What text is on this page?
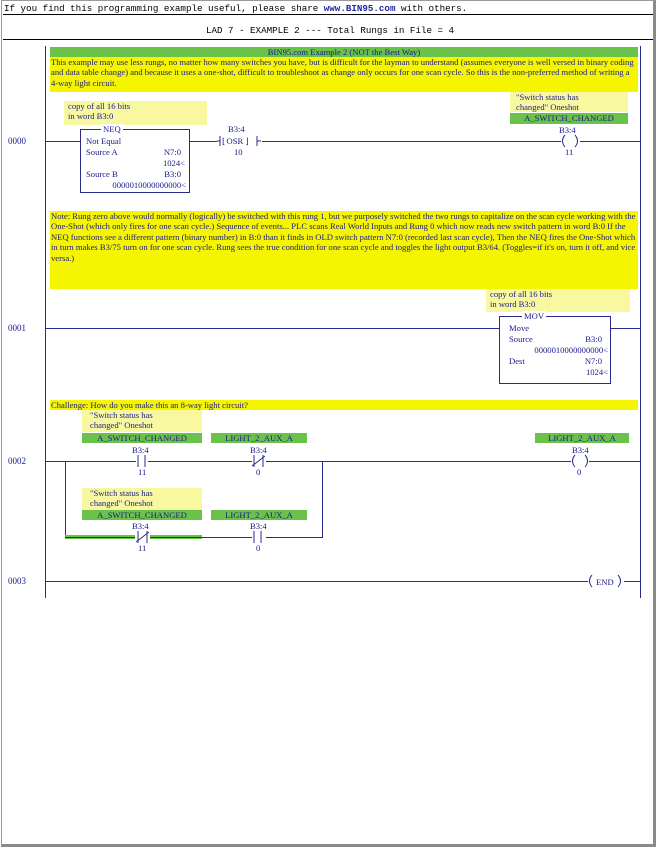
If you find this programming example useful, please share www.BIN95.com with others.
LAD 7 - EXAMPLE 2 --- Total Rungs in File = 4
BIN95.com Example 2 (NOT the Best Way)
This example may use less rungs, no matter how many switches you have, but is difficult for the layman to understand (assumes everyone is well versed in binary coding and data table change) and because it uses a one-shot, difficult to troubleshoot as change only occurs for one scan cycle. So this is the non-preferred method of writing a 4-way light circuit.
copy of all 16 bits
in word B3:0
"Switch status has
changed" Oneshot
A_SWITCH_CHANGED
0000
NEQ
Not Equal
Source A	N7:0
1024<
Source B	B3:0
0000010000000000<
B3:4
⌊ OSR ⌋
10
B3:4
11
Note: Rung zero above would normally (logically) be switched with this rung 1, but we purposely switched the two rungs to capitalize on the scan cycle working with the One-Shot (which only fires for one scan cycle.) Sequence of events... PLC scans Real World Inputs and Rung 0 which now reads new switch pattern in word B:0 If the NEQ functions see a different pattern (binary number) in B:0 than it finds in OLD switch pattern N7:0 (recorded last scan cycle), Then the NEQ fires the One-Shot which in turn makes B3/75 turn on for one scan cycle. Rung sees the true condition for one scan cycle and toggles the light output B3/64. (Toggles=if it's on, turn it off, and vice versa.)
copy of all 16 bits
in word B3:0
0001
MOV
Move
Source	B3:0
0000010000000000<
Dest	N7:0
1024<
Challenge: How do you make this an 8-way light circuit?
"Switch status has
changed" Oneshot
A_SWITCH_CHANGED	LIGHT_2_AUX_A	LIGHT_2_AUX_A
B3:4	B3:4	B3:4
0002
11	0	0
"Switch status has
changed" Oneshot
A_SWITCH_CHANGED	LIGHT_2_AUX_A
B3:4	B3:4
11	0
0003	END
